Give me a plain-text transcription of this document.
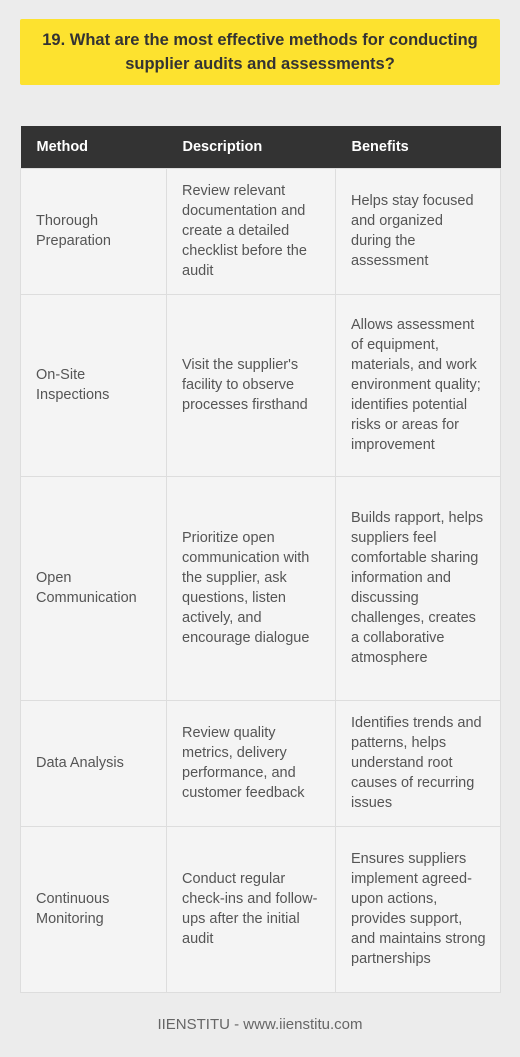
19. What are the most effective methods for conducting supplier audits and assessments?
Method	Description	Benefits
Thorough Preparation	Review relevant documentation and create a detailed checklist before the audit	Helps stay focused and organized during the assessment
On-Site Inspections	Visit the supplier's facility to observe processes firsthand	Allows assessment of equipment, materials, and work environment quality; identifies potential risks or areas for improvement
Open Communication	Prioritize open communication with the supplier, ask questions, listen actively, and encourage dialogue	Builds rapport, helps suppliers feel comfortable sharing information and discussing challenges, creates a collaborative atmosphere
Data Analysis	Review quality metrics, delivery performance, and customer feedback	Identifies trends and patterns, helps understand root causes of recurring issues
Continuous Monitoring	Conduct regular check-ins and follow-ups after the initial audit	Ensures suppliers implement agreed-upon actions, provides support, and maintains strong partnerships
IIENSTITU - www.iienstitu.com
